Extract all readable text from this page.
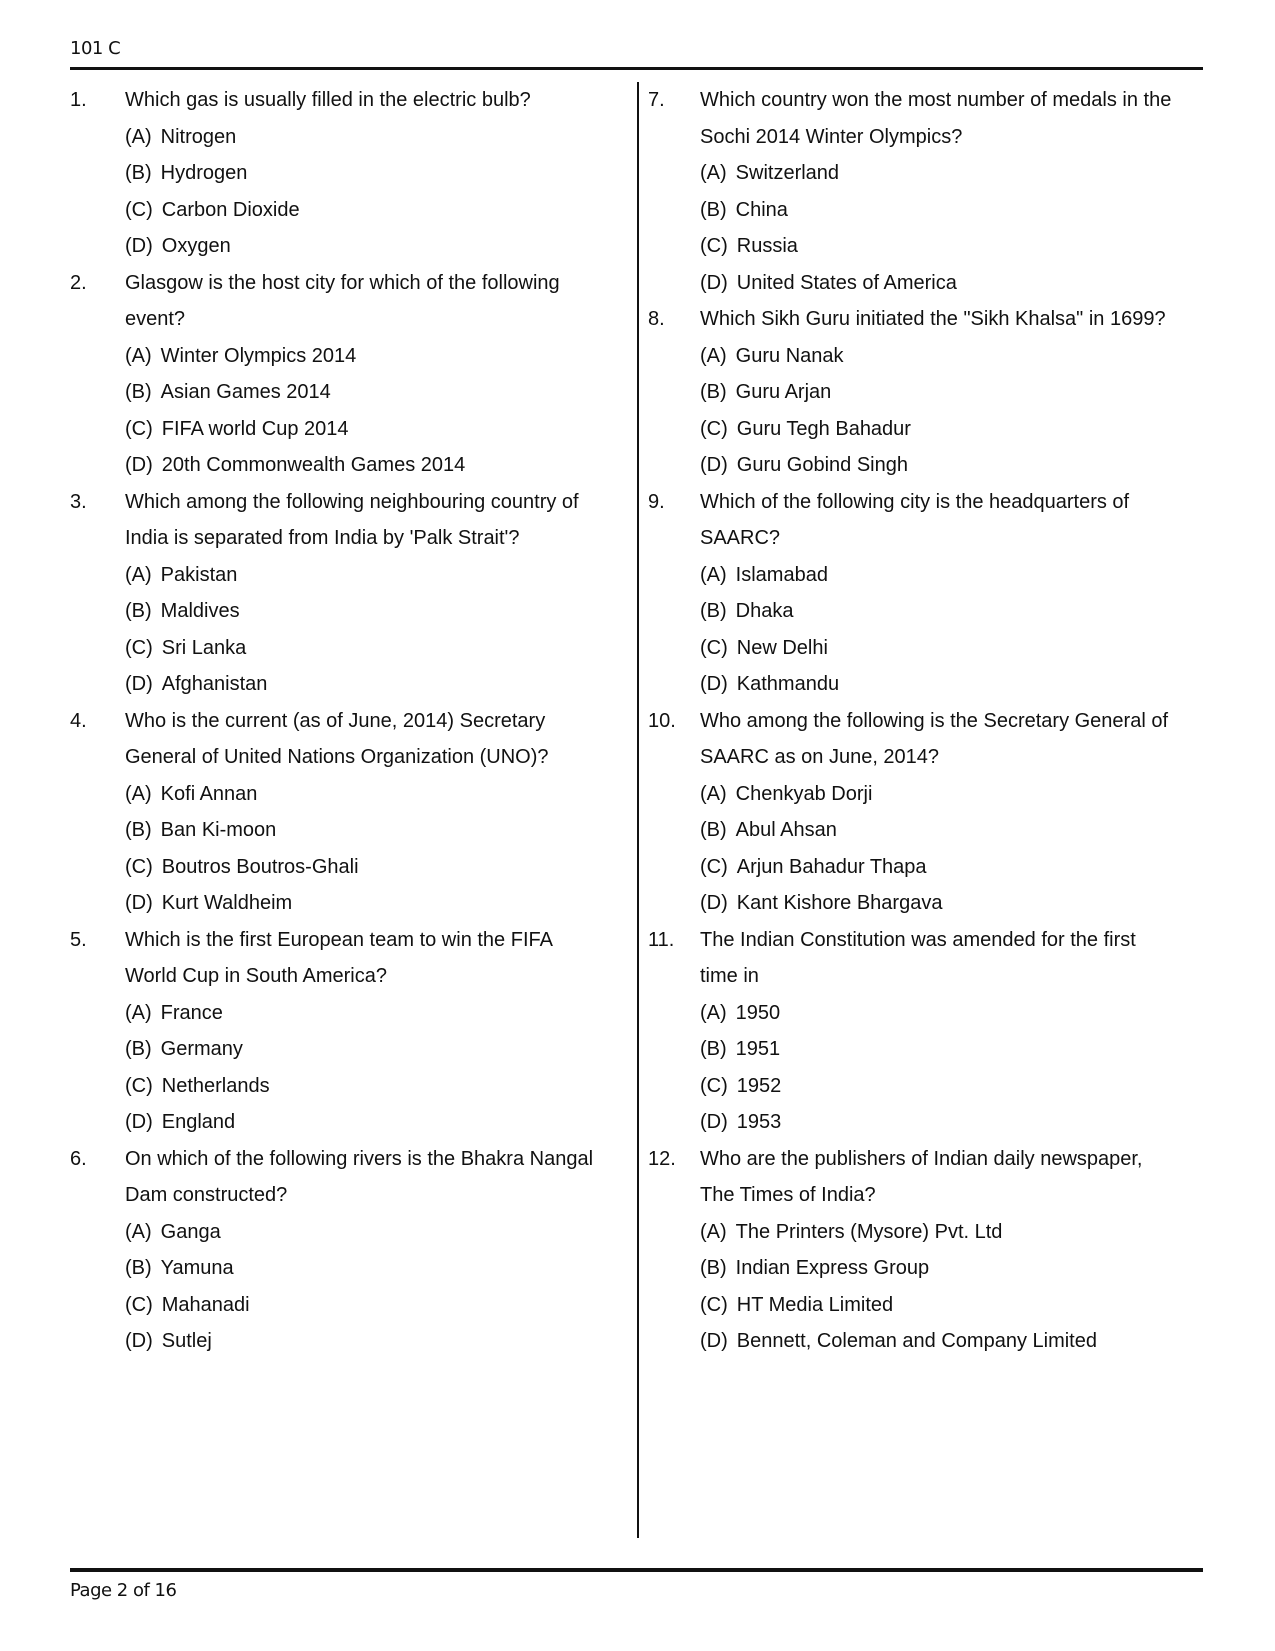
101 C
1.	Which gas is usually filled in the electric bulb?
(A) Nitrogen
(B) Hydrogen
(C) Carbon Dioxide
(D) Oxygen
2.	Glasgow is the host city for which of the following
event?
(A) Winter Olympics 2014
(B) Asian Games 2014
(C) FIFA world Cup 2014
(D) 20th Commonwealth Games 2014
3.	Which among the following neighbouring country of
India is separated from India by 'Palk Strait'?
(A) Pakistan
(B) Maldives
(C) Sri Lanka
(D) Afghanistan
4.	Who is the current (as of June, 2014) Secretary
General of United Nations Organization (UNO)?
(A) Kofi Annan
(B) Ban Ki-moon
(C) Boutros Boutros-Ghali
(D) Kurt Waldheim
5.	Which is the first European team to win the FIFA
World Cup in South America?
(A) France
(B) Germany
(C) Netherlands
(D) England
6.	On which of the following rivers is the Bhakra Nangal
Dam constructed?
(A) Ganga
(B) Yamuna
(C) Mahanadi
(D) Sutlej
7.	Which country won the most number of medals in the
Sochi 2014 Winter Olympics?
(A) Switzerland
(B) China
(C) Russia
(D) United States of America
8.	Which Sikh Guru initiated the "Sikh Khalsa" in 1699?
(A) Guru Nanak
(B) Guru Arjan
(C) Guru Tegh Bahadur
(D) Guru Gobind Singh
9.	Which of the following city is the headquarters of
SAARC?
(A) Islamabad
(B) Dhaka
(C) New Delhi
(D) Kathmandu
10.	Who among the following is the Secretary General of
SAARC as on June, 2014?
(A) Chenkyab Dorji
(B) Abul Ahsan
(C) Arjun Bahadur Thapa
(D) Kant Kishore Bhargava
11.	The Indian Constitution was amended for the first
time in
(A) 1950
(B) 1951
(C) 1952
(D) 1953
12.	Who are the publishers of Indian daily newspaper,
The Times of India?
(A) The Printers (Mysore) Pvt. Ltd
(B) Indian Express Group
(C) HT Media Limited
(D) Bennett, Coleman and Company Limited
Page 2 of 16
